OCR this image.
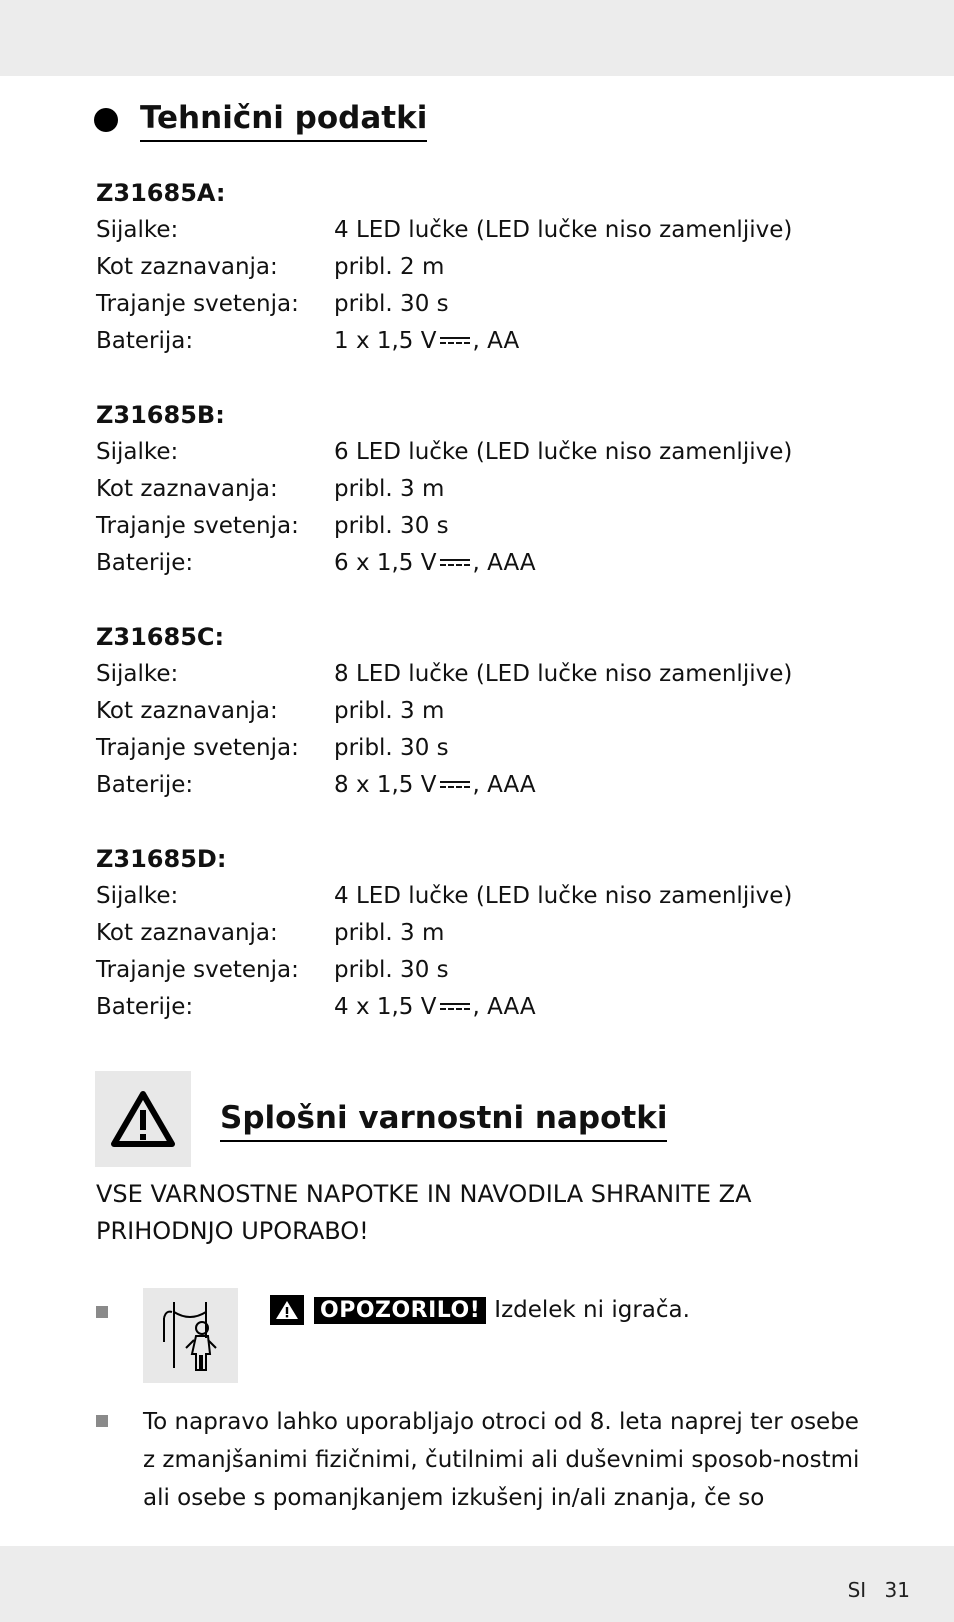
Tehnični podatki
Z31685A:
Sijalke:	4 LED lučke (LED lučke niso zamenljive)
Kot zaznavanja:	pribl. 2 m
Trajanje svetenja:	pribl. 30 s
Baterija:	1 x 1,5 V , AA
Z31685B:
Sijalke:	6 LED lučke (LED lučke niso zamenljive)
Kot zaznavanja:	pribl. 3 m
Trajanje svetenja:	pribl. 30 s
Baterije:	6 x 1,5 V , AAA
Z31685C:
Sijalke:	8 LED lučke (LED lučke niso zamenljive)
Kot zaznavanja:	pribl. 3 m
Trajanje svetenja:	pribl. 30 s
Baterije:	8 x 1,5 V , AAA
Z31685D:
Sijalke:	4 LED lučke (LED lučke niso zamenljive)
Kot zaznavanja:	pribl. 3 m
Trajanje svetenja:	pribl. 30 s
Baterije:	4 x 1,5 V , AAA
Splošni varnostni napotki
VSE VARNOSTNE NAPOTKE IN NAVODILA SHRANITE ZA PRIHODNJO UPORABO!
OPOZORILO! Izdelek ni igrača.
To napravo lahko uporabljajo otroci od 8. leta naprej ter osebe z zmanjšanimi fizičnimi, čutilnimi ali duševnimi sposob-nostmi ali osebe s pomanjkanjem izkušenj in/ali znanja, če so
SI 31
